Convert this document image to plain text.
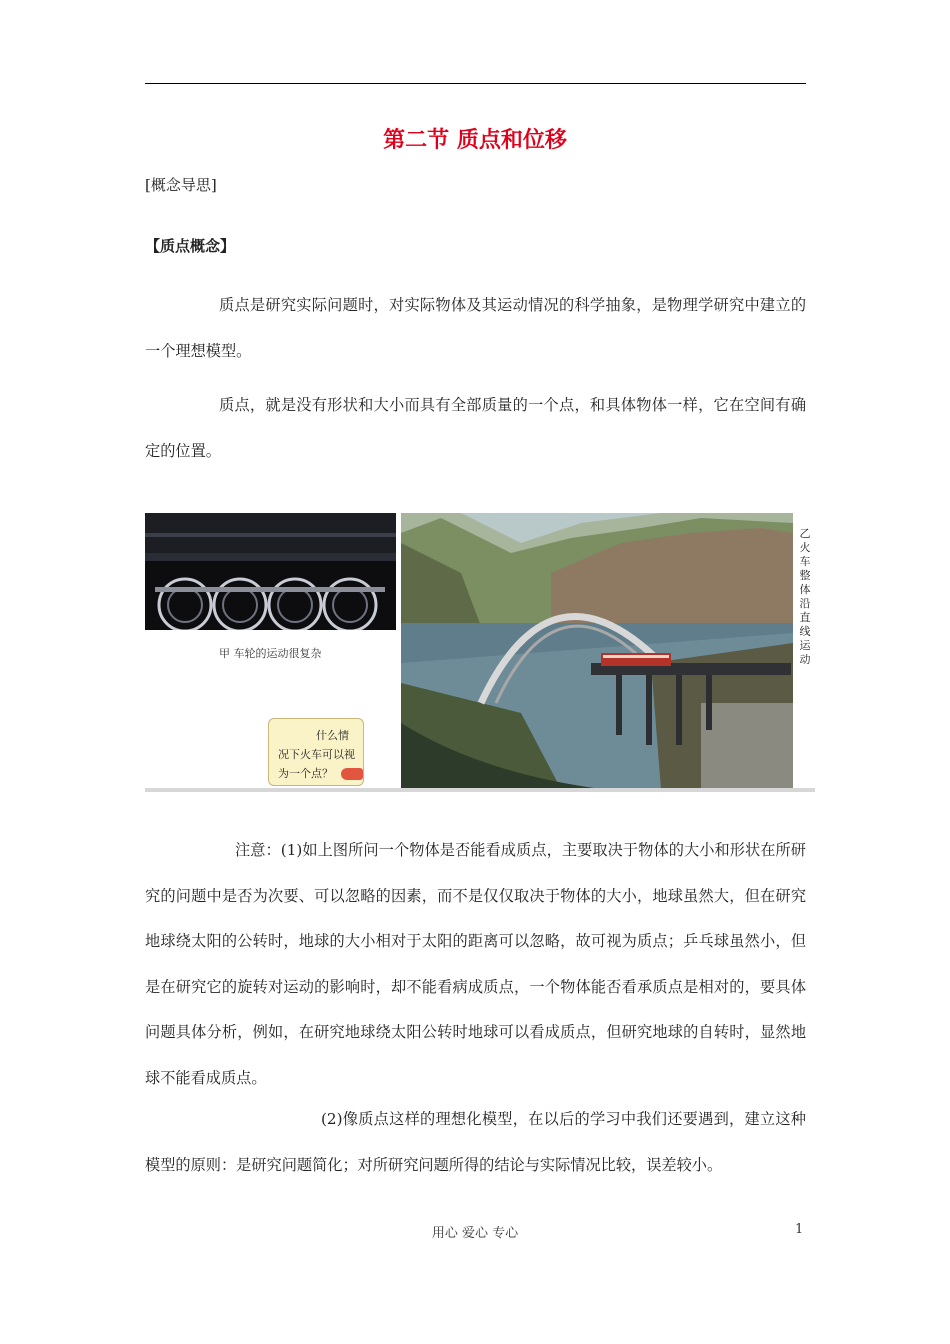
第二节 质点和位移
[概念导思]
【质点概念】

质点是研究实际问题时，对实际物体及其运动情况的科学抽象，是物理学研究中建立的一个理想模型。

质点，就是没有形状和大小而具有全部质量的一个点，和具体物体一样，它在空间有确定的位置。

甲 车轮的运动很复杂
什么情
况下火车可以视
为一个点？
乙 火车整体沿直线运动

注意：(1)如上图所问一个物体是否能看成质点，主要取决于物体的大小和形状在所研究的问题中是否为次要、可以忽略的因素，而不是仅仅取决于物体的大小，地球虽然大，但在研究地球绕太阳的公转时，地球的大小相对于太阳的距离可以忽略，故可视为质点；乒乓球虽然小，但是在研究它的旋转对运动的影响时，却不能看病成质点，一个物体能否看承质点是相对的，要具体问题具体分析，例如，在研究地球绕太阳公转时地球可以看成质点，但研究地球的自转时，显然地球不能看成质点。

(2)像质点这样的理想化模型，在以后的学习中我们还要遇到，建立这种模型的原则：是研究问题简化；对所研究问题所得的结论与实际情况比较，误差较小。

用心 爱心 专心	1
